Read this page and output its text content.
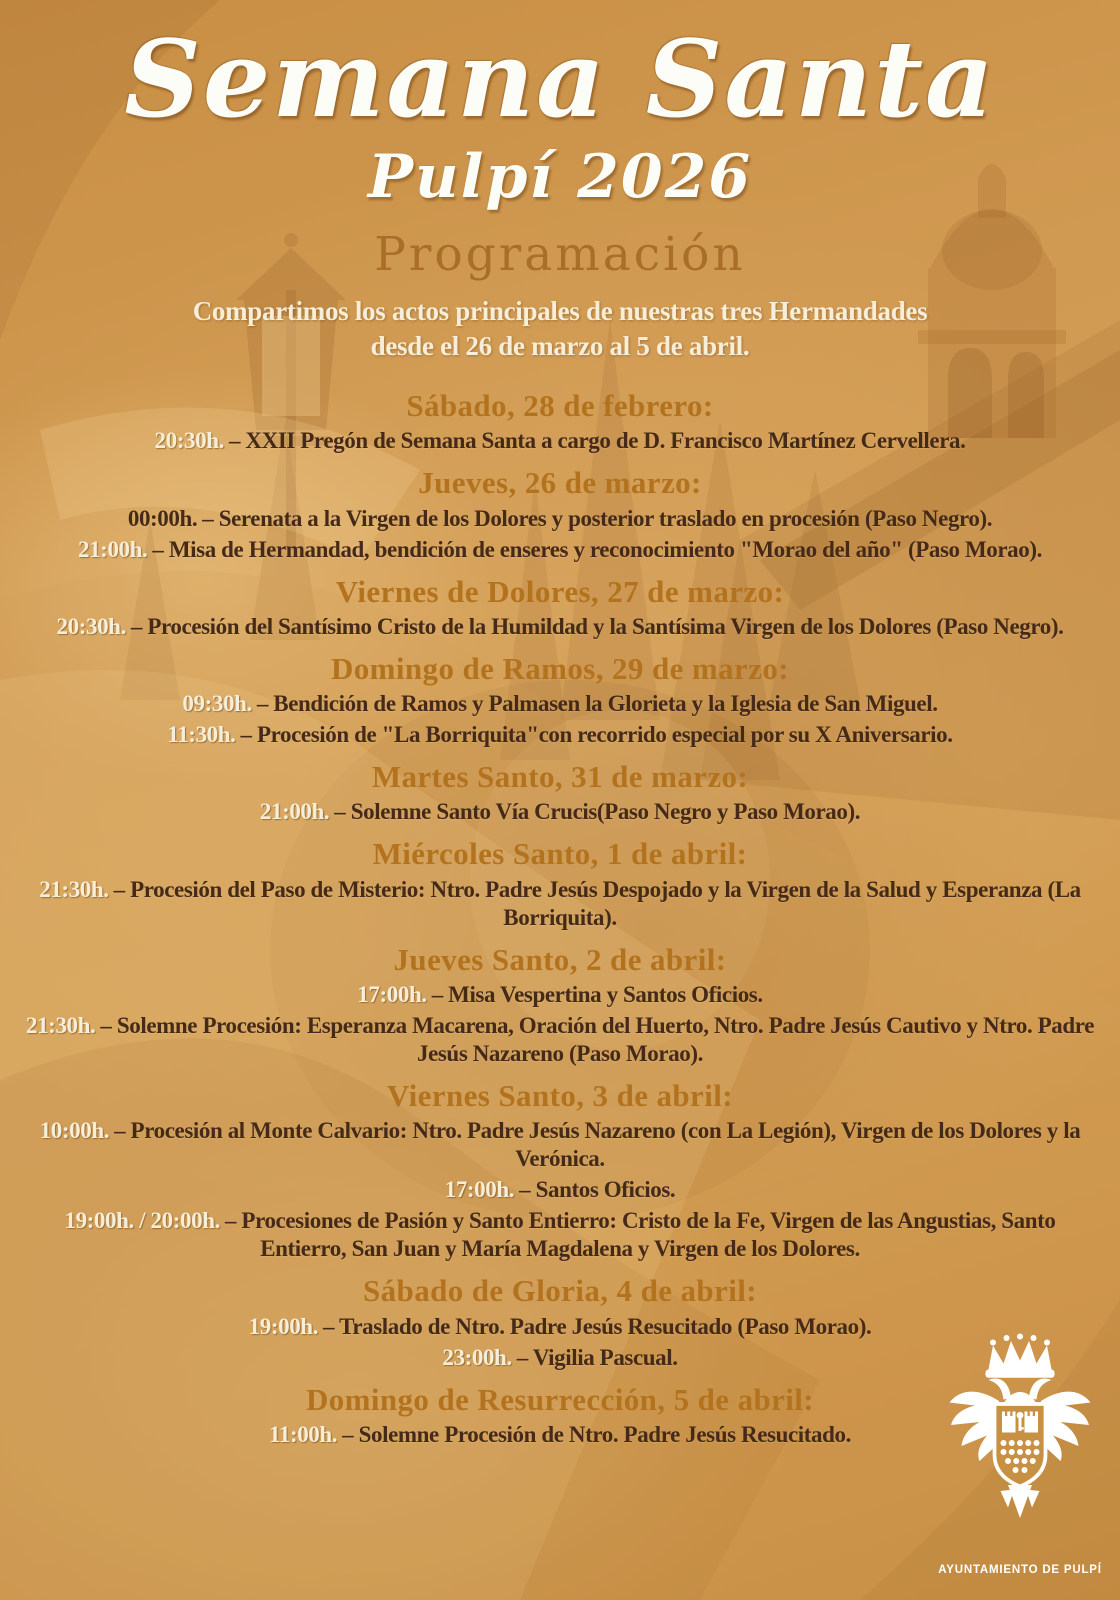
Semana Santa
Pulpí 2026
Programación
Compartimos los actos principales de nuestras tres Hermandades
desde el 26 de marzo al 5 de abril.
Sábado, 28 de febrero:

20:30h. – XXII Pregón de Semana Santa a cargo de D. Francisco Martínez Cervellera.

Jueves, 26 de marzo:

00:00h. – Serenata a la Virgen de los Dolores y posterior traslado en procesión (Paso Negro).

21:00h. – Misa de Hermandad, bendición de enseres y reconocimiento "Morao del año" (Paso Morao).

Viernes de Dolores, 27 de marzo:

20:30h. – Procesión del Santísimo Cristo de la Humildad y la Santísima Virgen de los Dolores (Paso Negro).

Domingo de Ramos, 29 de marzo:

09:30h. – Bendición de Ramos y Palmasen la Glorieta y la Iglesia de San Miguel.

11:30h. – Procesión de "La Borriquita"con recorrido especial por su X Aniversario.

Martes Santo, 31 de marzo:

21:00h. – Solemne Santo Vía Crucis(Paso Negro y Paso Morao).

Miércoles Santo, 1 de abril:

21:30h. – Procesión del Paso de Misterio: Ntro. Padre Jesús Despojado y la Virgen de la Salud y Esperanza (La Borriquita).

Jueves Santo, 2 de abril:

17:00h. – Misa Vespertina y Santos Oficios.

21:30h. – Solemne Procesión: Esperanza Macarena, Oración del Huerto, Ntro. Padre Jesús Cautivo y Ntro. Padre Jesús Nazareno (Paso Morao).

Viernes Santo, 3 de abril:

10:00h. – Procesión al Monte Calvario: Ntro. Padre Jesús Nazareno (con La Legión), Virgen de los Dolores y la Verónica.

17:00h. – Santos Oficios.

19:00h. / 20:00h. – Procesiones de Pasión y Santo Entierro: Cristo de la Fe, Virgen de las Angustias, Santo Entierro, San Juan y María Magdalena y Virgen de los Dolores.

Sábado de Gloria, 4 de abril:

19:00h. – Traslado de Ntro. Padre Jesús Resucitado (Paso Morao).

23:00h. – Vigilia Pascual.

Domingo de Resurrección, 5 de abril:

11:00h. – Solemne Procesión de Ntro. Padre Jesús Resucitado.

AYUNTAMIENTO DE PULPÍ
